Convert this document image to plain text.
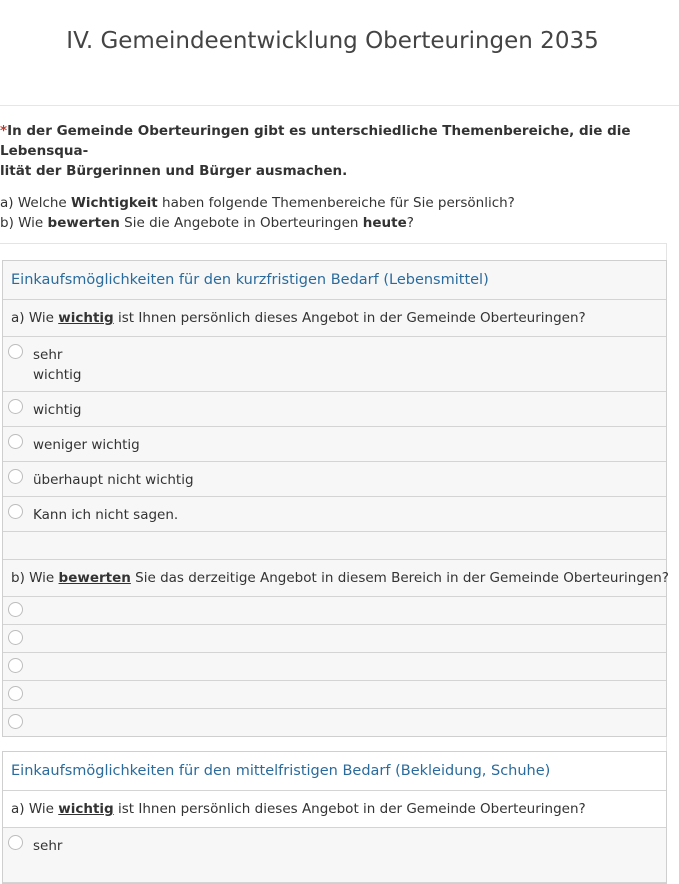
IV. Gemeindeentwicklung Oberteuringen 2035
*In der Gemeinde Oberteuringen gibt es unterschiedliche Themenbereiche, die die Lebensqua-
lität der Bürgerinnen und Bürger ausmachen.
a) Welche Wichtigkeit haben folgende Themenbereiche für Sie persönlich?
b) Wie bewerten Sie die Angebote in Oberteuringen heute?
Einkaufsmöglichkeiten für den kurzfristigen Bedarf (Lebensmittel)
a) Wie wichtig ist Ihnen persönlich dieses Angebot in der Gemeinde Oberteuringen?
sehr wichtig
wichtig
weniger wichtig
überhaupt nicht wichtig
Kann ich nicht sagen.
b) Wie bewerten Sie das derzeitige Angebot in diesem Bereich in der Gemeinde Oberteuringen?
Einkaufsmöglichkeiten für den mittelfristigen Bedarf (Bekleidung, Schuhe)
a) Wie wichtig ist Ihnen persönlich dieses Angebot in der Gemeinde Oberteuringen?
sehr
